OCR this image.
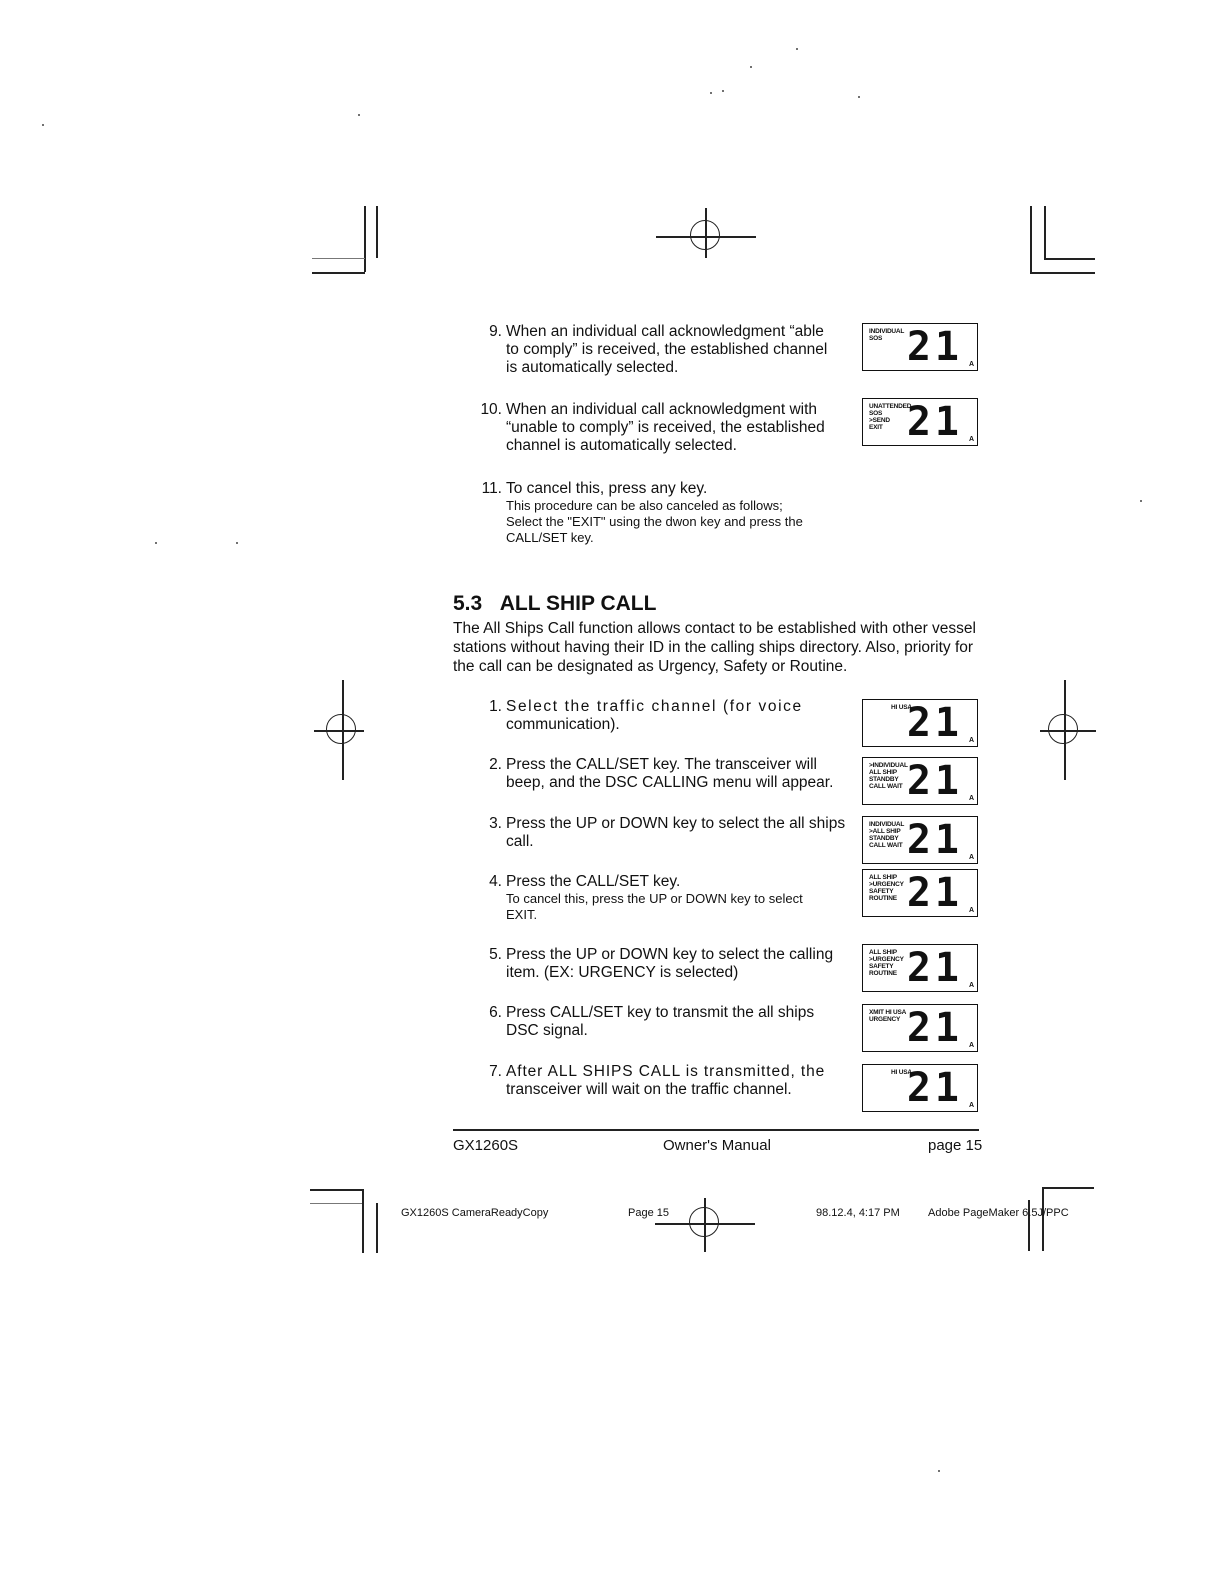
9. When an individual call acknowledgment “able
to comply” is received, the established channel
is automatically selected.
INDIVIDUAL
SOS 21 A
10. When an individual call acknowledgment with
“unable to comply” is received, the established
channel is automatically selected.
UNATTENDED
SOS
>SEND
EXIT 21 A
11. To cancel this, press any key.
This procedure can be also canceled as follows;
Select the "EXIT" using the dwon key and press the
CALL/SET key.
5.3 ALL SHIP CALL
The All Ships Call function allows contact to be established with other vessel stations without having their ID in the calling ships directory. Also, priority for the call can be designated as Urgency, Safety or Routine.
1. Select the traffic channel (for voice
communication).
HI USA
21 A
2. Press the CALL/SET key. The transceiver will
beep, and the DSC CALLING menu will appear.
>INDIVIDUAL
ALL SHIP
STANDBY
CALL WAIT 21 A
3. Press the UP or DOWN key to select the all ships
call.
INDIVIDUAL
>ALL SHIP
STANDBY
CALL WAIT 21 A
4. Press the CALL/SET key.
To cancel this, press the UP or DOWN key to select
EXIT.
ALL SHIP
>URGENCY
SAFETY
ROUTINE 21 A
5. Press the UP or DOWN key to select the calling
item. (EX: URGENCY is selected)
ALL SHIP
>URGENCY
SAFETY
ROUTINE 21 A
6. Press CALL/SET key to transmit the all ships
DSC signal.
XMIT HI USA
URGENCY 21 A
7. After ALL SHIPS CALL is transmitted, the
transceiver will wait on the traffic channel.
HI USA
21 A
GX1260S	Owner's Manual	page 15
GX1260S CameraReadyCopy	Page 15	98.12.4, 4:17 PM	Adobe PageMaker 6.5J/PPC
